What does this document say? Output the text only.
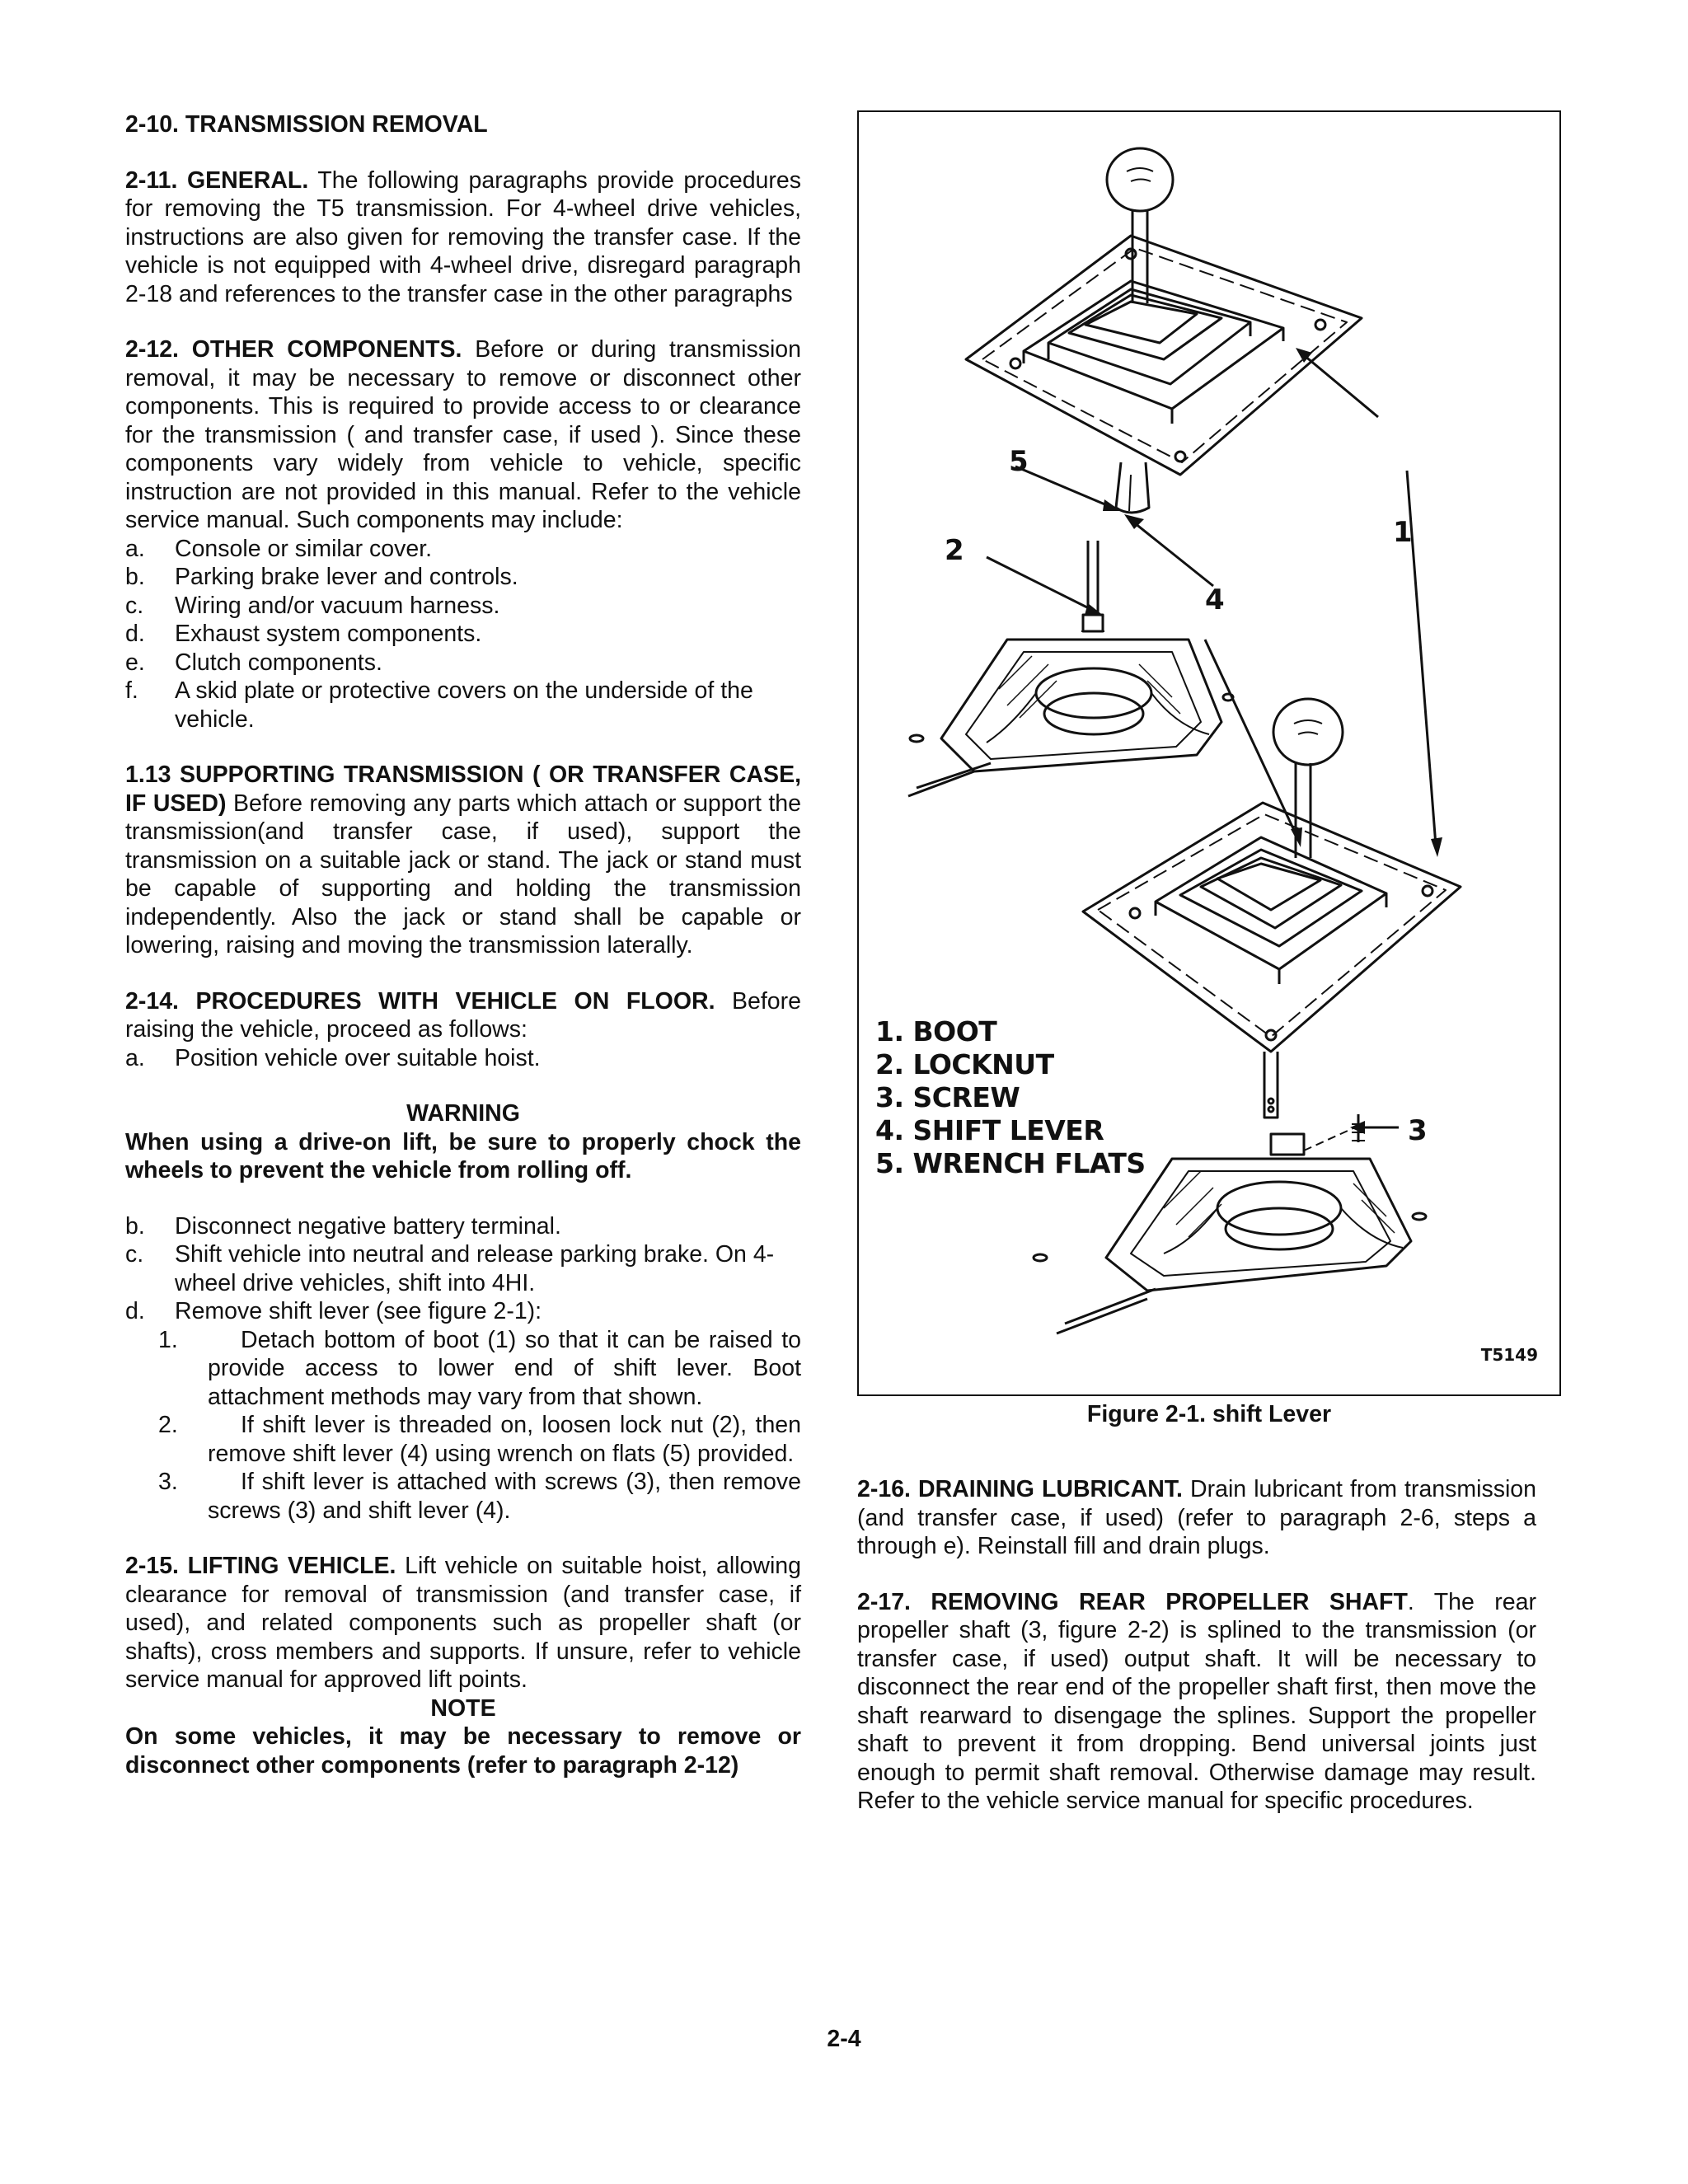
2-10. TRANSMISSION REMOVAL

2-11. GENERAL. The following paragraphs provide procedures for removing the T5 transmission. For 4-wheel drive vehicles, instructions are also given for removing the transfer case. If the vehicle is not equipped with 4-wheel drive, disregard paragraph 2-18 and references to the transfer case in the other paragraphs

2-12. OTHER COMPONENTS. Before or during transmission removal, it may be necessary to remove or disconnect other components. This is required to provide access to or clearance for the transmission ( and transfer case, if used ). Since these components vary widely from vehicle to vehicle, specific instruction are not provided in this manual. Refer to the vehicle service manual. Such components may include:

a. Console or similar cover.
b. Parking brake lever and controls.
c. Wiring and/or vacuum harness.
d. Exhaust system components.
e. Clutch components.
f. A skid plate or protective covers on the underside of the vehicle.

1.13 SUPPORTING TRANSMISSION ( OR TRANSFER CASE, IF USED) Before removing any parts which attach or support the transmission(and transfer case, if used), support the transmission on a suitable jack or stand. The jack or stand must be capable of supporting and holding the transmission independently. Also the jack or stand shall be capable or lowering, raising and moving the transmission laterally.

2-14. PROCEDURES WITH VEHICLE ON FLOOR. Before raising the vehicle, proceed as follows:

a. Position vehicle over suitable hoist.

WARNING

When using a drive-on lift, be sure to properly chock the wheels to prevent the vehicle from rolling off.

b. Disconnect negative battery terminal.
c. Shift vehicle into neutral and release parking brake. On 4-wheel drive vehicles, shift into 4HI.
d. Remove shift lever (see figure 2-1):
1.	Detach bottom of boot (1) so that it can be raised to provide access to lower end of shift lever. Boot attachment methods may vary from that shown.
2.	If shift lever is threaded on, loosen lock nut (2), then remove shift lever (4) using wrench on flats (5) provided.
3.	If shift lever is attached with screws (3), then remove screws (3) and shift lever (4).

2-15. LIFTING VEHICLE. Lift vehicle on suitable hoist, allowing clearance for removal of transmission (and transfer case, if used), and related components such as propeller shaft (or shafts), cross members and supports. If unsure, refer to vehicle service manual for approved lift points.

NOTE

On some vehicles, it may be necessary to remove or disconnect other components (refer to paragraph 2-12)

5
2
4
1
3
1. BOOT
2. LOCKNUT
3. SCREW
4. SHIFT LEVER
5. WRENCH FLATS
T5149
Figure 2-1. shift Lever

2-16. DRAINING LUBRICANT. Drain lubricant from transmission (and transfer case, if used) (refer to paragraph 2-6, steps a through e). Reinstall fill and drain plugs.

2-17. REMOVING REAR PROPELLER SHAFT. The rear propeller shaft (3, figure 2-2) is splined to the transmission (or transfer case, if used) output shaft. It will be necessary to disconnect the rear end of the propeller shaft first, then move the shaft rearward to disengage the splines. Support the propeller shaft to prevent it from dropping. Bend universal joints just enough to permit shaft removal. Otherwise damage may result. Refer to the vehicle service manual for specific procedures.

2-4
